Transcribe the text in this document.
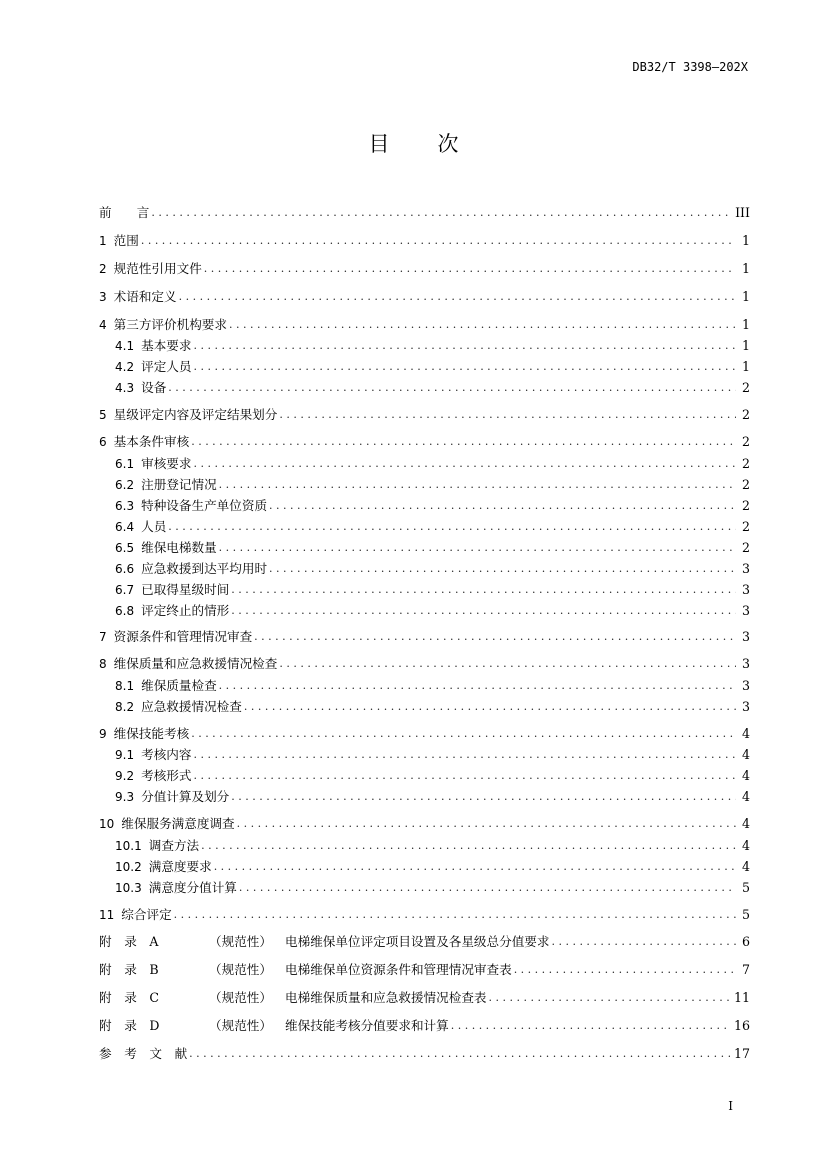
DB32/T 3398—202X
目 次
前　　言 . . .	III
1 范围 . . .	1
2 规范性引用文件 . . .	1
3 术语和定义 . . .	1
4 第三方评价机构要求 . . .	1
4.1 基本要求 . . .	1
4.2 评定人员 . . .	1
4.3 设备 . . .	2
5 星级评定内容及评定结果划分 . . .	2
6 基本条件审核 . . .	2
6.1 审核要求 . . .	2
6.2 注册登记情况 . . .	2
6.3 特种设备生产单位资质 . . .	2
6.4 人员 . . .	2
6.5 维保电梯数量 . . .	2
6.6 应急救援到达平均用时 . . .	3
6.7 已取得星级时间 . . .	3
6.8 评定终止的情形 . . .	3
7 资源条件和管理情况审查 . . .	3
8 维保质量和应急救援情况检查 . . .	3
8.1 维保质量检查 . . .	3
8.2 应急救援情况检查 . . .	3
9 维保技能考核 . . .	4
9.1 考核内容 . . .	4
9.2 考核形式 . . .	4
9.3 分值计算及划分 . . .	4
10 维保服务满意度调查 . . .	4
10.1 调查方法 . . .	4
10.2 满意度要求 . . .	4
10.3 满意度分值计算 . . .	5
11 综合评定 . . .	5
附　录　A	（规范性） 电梯维保单位评定项目设置及各星级总分值要求 . . .	6
附　录　B	（规范性） 电梯维保单位资源条件和管理情况审查表 . . .	7
附　录　C	（规范性） 电梯维保质量和应急救援情况检查表 . . .	11
附　录　D	（规范性） 维保技能考核分值要求和计算 . . .	16
参　考　文　献 . . .	17
I
